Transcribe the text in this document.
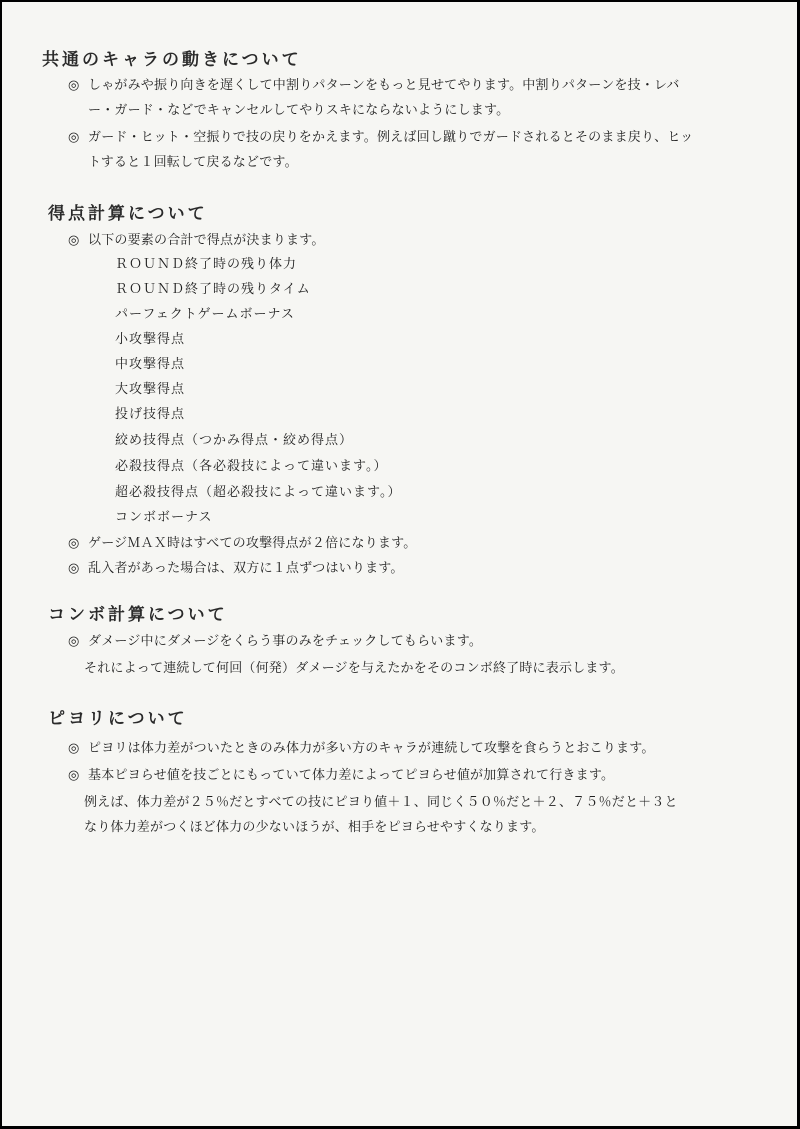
共通のキャラの動きについて
◎ しゃがみや振り向きを遅くして中割りパターンをもっと見せてやります。中割りパターンを技・レバ
ー・ガード・などでキャンセルしてやりスキにならないようにします。
◎ ガード・ヒット・空振りで技の戻りをかえます。例えば回し蹴りでガードされるとそのまま戻り、ヒッ
トすると１回転して戻るなどです。
得点計算について
◎ 以下の要素の合計で得点が決まります。
ＲＯＵＮＤ終了時の残り体力
ＲＯＵＮＤ終了時の残りタイム
パーフェクトゲームボーナス
小攻撃得点
中攻撃得点
大攻撃得点
投げ技得点
絞め技得点（つかみ得点・絞め得点）
必殺技得点（各必殺技によって違います。）
超必殺技得点（超必殺技によって違います。）
コンボボーナス
◎ ゲージＭＡＸ時はすべての攻撃得点が２倍になります。
◎ 乱入者があった場合は、双方に１点ずつはいります。
コンボ計算について
◎ ダメージ中にダメージをくらう事のみをチェックしてもらいます。
それによって連続して何回（何発）ダメージを与えたかをそのコンボ終了時に表示します。
ピヨリについて
◎ ピヨリは体力差がついたときのみ体力が多い方のキャラが連続して攻撃を食らうとおこります。
◎ 基本ピヨらせ値を技ごとにもっていて体力差によってピヨらせ値が加算されて行きます。
例えば、体力差が２５％だとすべての技にピヨり値＋１、同じく５０％だと＋２、７５％だと＋３と
なり体力差がつくほど体力の少ないほうが、相手をピヨらせやすくなります。
